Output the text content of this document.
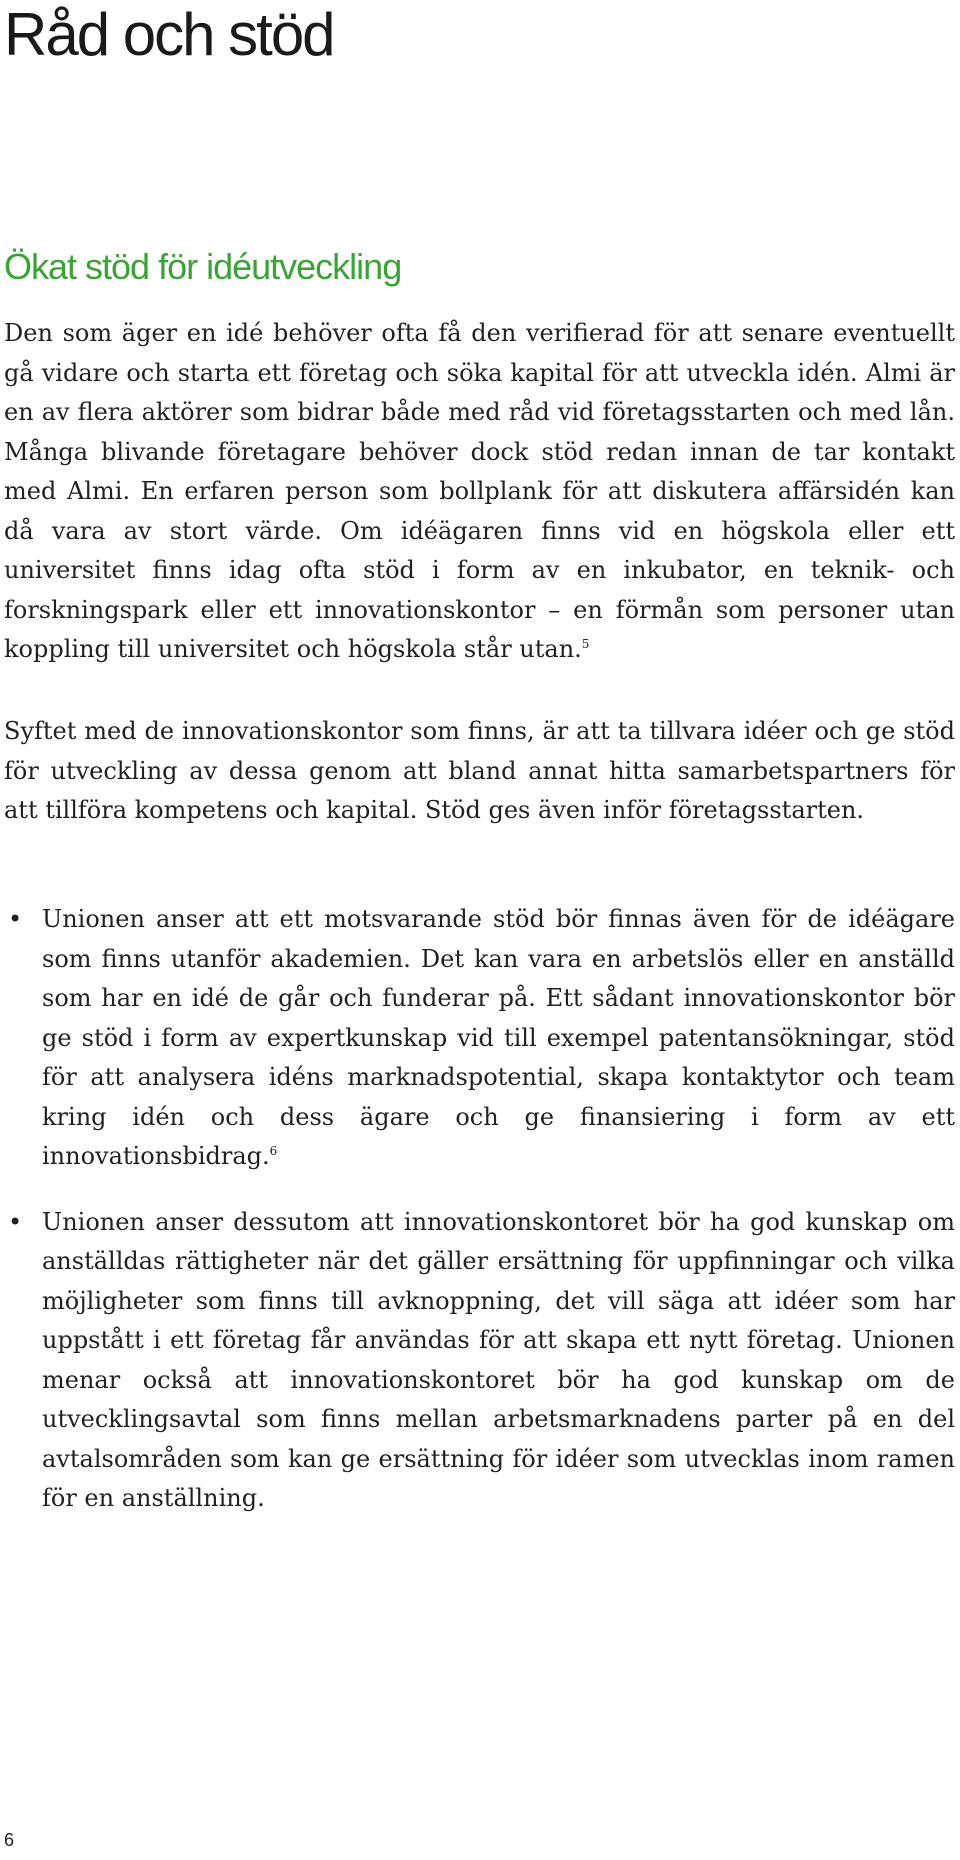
Råd och stöd
Ökat stöd för idéutveckling

Den som äger en idé behöver ofta få den verifierad för att senare eventuellt gå vidare och starta ett företag och söka kapital för att utveckla idén. Almi är en av flera aktörer som bidrar både med råd vid företagsstarten och med lån. Många blivande företagare behöver dock stöd redan innan de tar kontakt med Almi. En erfaren person som bollplank för att diskutera affärsidén kan då vara av stort värde. Om idéägaren finns vid en högskola eller ett universitet finns idag ofta stöd i form av en inkubator, en teknik- och forskningspark eller ett innovationskontor – en förmån som personer utan koppling till universitet och högskola står utan.$^5$

Syftet med de innovationskontor som finns, är att ta tillvara idéer och ge stöd för utveckling av dessa genom att bland annat hitta samarbetspartners för att tillföra kompetens och kapital. Stöd ges även inför företagsstarten.

• Unionen anser att ett motsvarande stöd bör finnas även för de idéägare som finns utanför akademien. Det kan vara en arbetslös eller en anställd som har en idé de går och funderar på. Ett sådant innovationskontor bör ge stöd i form av expertkunskap vid till exempel patentansökningar, stöd för att analysera idéns marknadspotential, skapa kontaktytor och team kring idén och dess ägare och ge finansiering i form av ett innovationsbidrag.$^6$
• Unionen anser dessutom att innovationskontoret bör ha god kunskap om anställdas rättigheter när det gäller ersättning för uppfinningar och vilka möjligheter som finns till avknoppning, det vill säga att idéer som har uppstått i ett företag får användas för att skapa ett nytt företag. Unionen menar också att innovationskontoret bör ha god kunskap om de utvecklingsavtal som finns mellan arbetsmarknadens parter på en del avtalsområden som kan ge ersättning för idéer som utvecklas inom ramen för en anställning.
6
